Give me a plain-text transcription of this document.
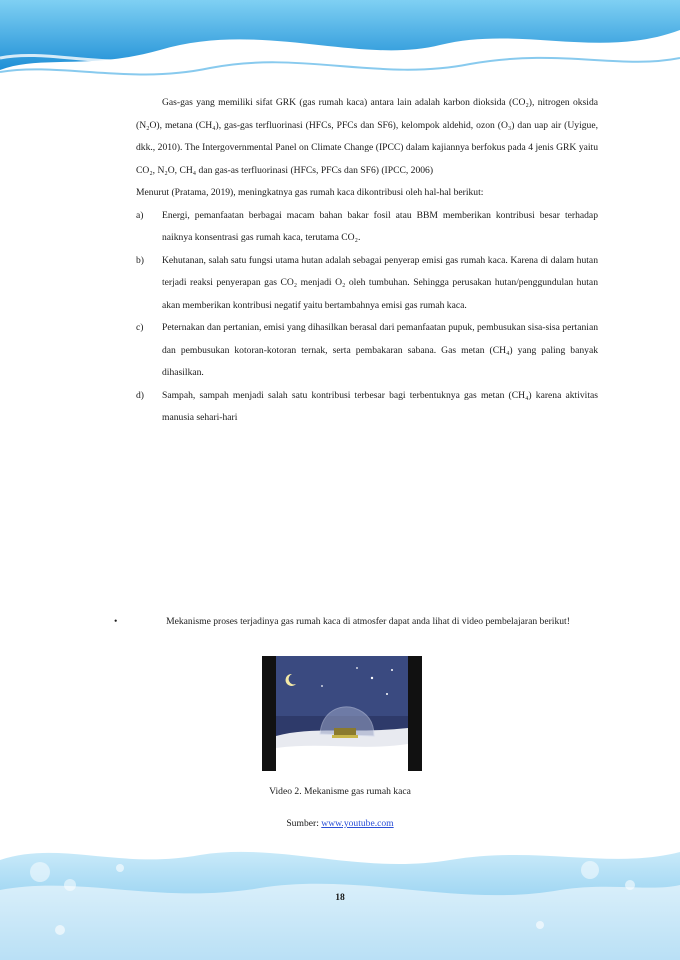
Gas-gas yang memiliki sifat GRK (gas rumah kaca) antara lain adalah karbon dioksida (CO₂), nitrogen oksida (N₂O), metana (CH₄), gas-gas terfluorinasi (HFCs, PFCs dan SF6), kelompok aldehid, ozon (O₃) dan uap air (Uyigue, dkk., 2010). The Intergovernmental Panel on Climate Change (IPCC) dalam kajiannya berfokus pada 4 jenis GRK yaitu CO₂, N₂O, CH₄ dan gas-as terfluorinasi (HFCs, PFCs dan SF6) (IPCC, 2006)

Menurut (Pratama, 2019), meningkatnya gas rumah kaca dikontribusi oleh hal-hal berikut:

a)	Energi, pemanfaatan berbagai macam bahan bakar fosil atau BBM memberikan kontribusi besar terhadap naiknya konsentrasi gas rumah kaca, terutama CO₂.
b)	Kehutanan, salah satu fungsi utama hutan adalah sebagai penyerap emisi gas rumah kaca. Karena di dalam hutan terjadi reaksi penyerapan gas CO₂ menjadi O₂ oleh tumbuhan. Sehingga perusakan hutan/penggundulan hutan akan memberikan kontribusi negatif yaitu bertambahnya emisi gas rumah kaca.
c)	Peternakan dan pertanian, emisi yang dihasilkan berasal dari pemanfaatan pupuk, pembusukan sisa-sisa pertanian dan pembusukan kotoran-kotoran ternak, serta pembakaran sabana. Gas metan (CH₄) yang paling banyak dihasilkan.
d)	Sampah, sampah menjadi salah satu kontribusi terbesar bagi terbentuknya gas metan (CH₄) karena aktivitas manusia sehari-hari
•	Mekanisme proses terjadinya gas rumah kaca di atmosfer dapat anda lihat di video pembelajaran berikut!
Video 2. Mekanisme gas rumah kaca
Sumber: www.youtube.com
18
